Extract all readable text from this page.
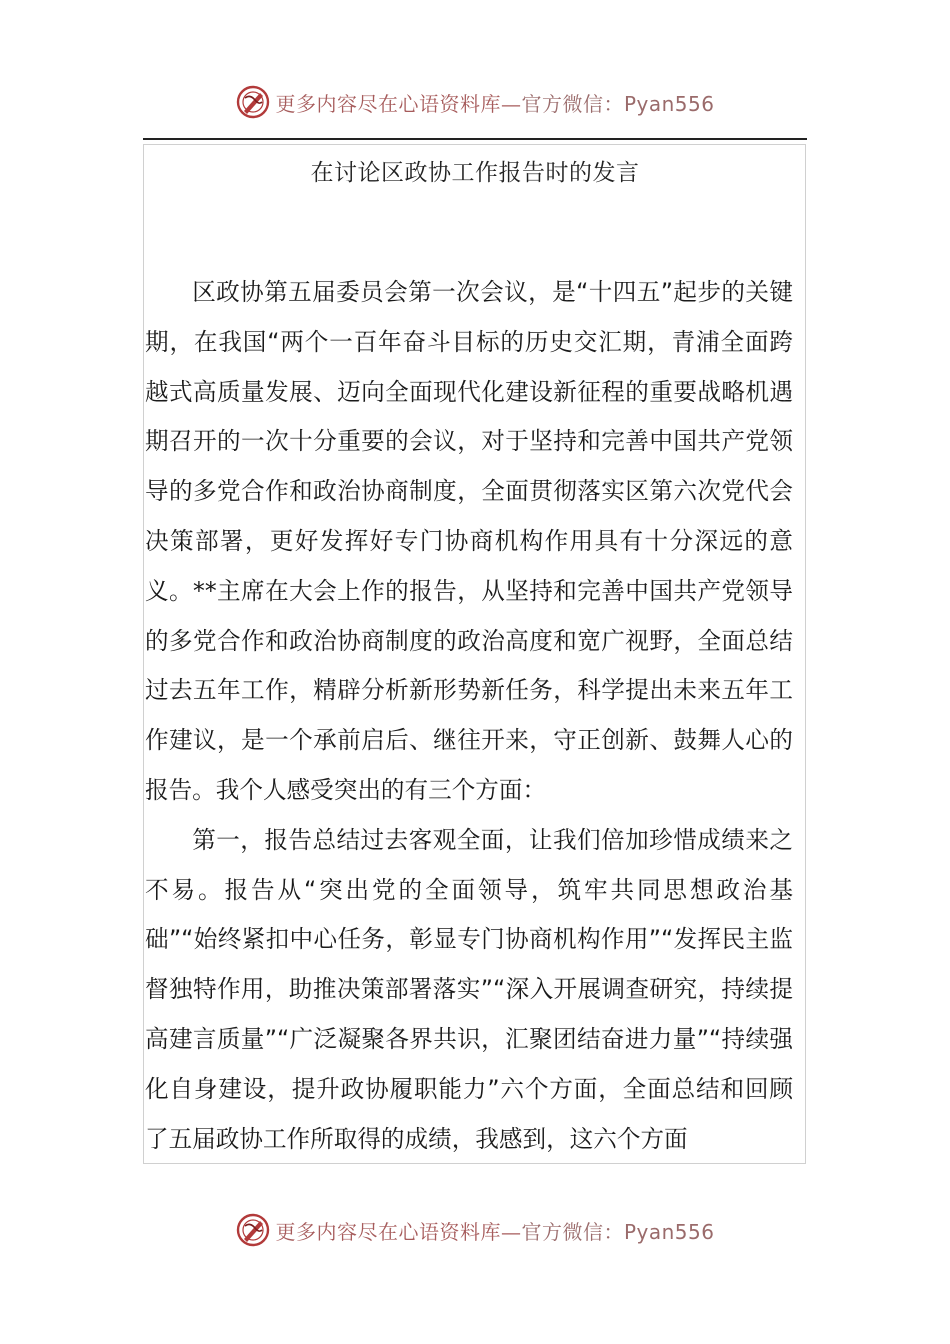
更多内容尽在心语资料库—官方微信：Pyan556
在讨论区政协工作报告时的发言

区政协第五届委员会第一次会议，是“十四五”起步的关键期，在我国“两个一百年奋斗目标的历史交汇期，青浦全面跨越式高质量发展、迈向全面现代化建设新征程的重要战略机遇期召开的一次十分重要的会议，对于坚持和完善中国共产党领导的多党合作和政治协商制度，全面贯彻落实区第六次党代会决策部署，更好发挥好专门协商机构作用具有十分深远的意义。**主席在大会上作的报告，从坚持和完善中国共产党领导的多党合作和政治协商制度的政治高度和宽广视野，全面总结过去五年工作，精辟分析新形势新任务，科学提出未来五年工作建议，是一个承前启后、继往开来，守正创新、鼓舞人心的报告。我个人感受突出的有三个方面：

第一，报告总结过去客观全面，让我们倍加珍惜成绩来之不易。报告从“突出党的全面领导，筑牢共同思想政治基础”“始终紧扣中心任务，彰显专门协商机构作用”“发挥民主监督独特作用，助推决策部署落实”“深入开展调查研究，持续提高建言质量”“广泛凝聚各界共识，汇聚团结奋进力量”“持续强化自身建设，提升政协履职能力”六个方面，全面总结和回顾了五届政协工作所取得的成绩，我感到，这六个方面

更多内容尽在心语资料库—官方微信：Pyan556
